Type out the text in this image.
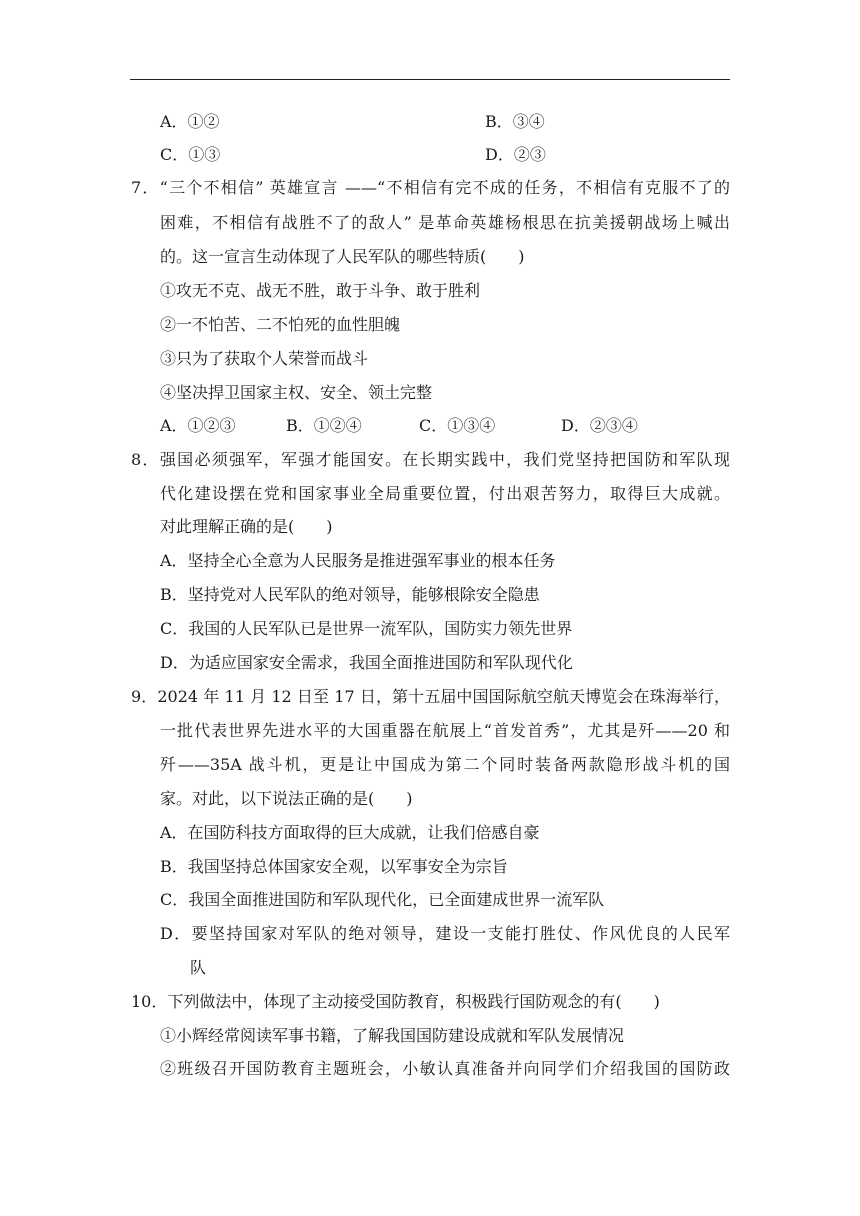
A．①②	B．③④
C．①③	D．②③
7．“三个不相信” 英雄宣言 ——“不相信有完不成的任务，不相信有克服不了的
困难，不相信有战胜不了的敌人” 是革命英雄杨根思在抗美援朝战场上喊出
的。这一宣言生动体现了人民军队的哪些特质(　　)
①攻无不克、战无不胜，敢于斗争、敢于胜利
②一不怕苦、二不怕死的血性胆魄
③只为了获取个人荣誉而战斗
④坚决捍卫国家主权、安全、领土完整
A．①②③	B．①②④	C．①③④	D．②③④
8．强国必须强军，军强才能国安。在长期实践中，我们党坚持把国防和军队现
代化建设摆在党和国家事业全局重要位置，付出艰苦努力，取得巨大成就。
对此理解正确的是(　　)
A．坚持全心全意为人民服务是推进强军事业的根本任务
B．坚持党对人民军队的绝对领导，能够根除安全隐患
C．我国的人民军队已是世界一流军队，国防实力领先世界
D．为适应国家安全需求，我国全面推进国防和军队现代化
9．2024 年 11 月 12 日至 17 日，第十五届中国国际航空航天博览会在珠海举行，
一批代表世界先进水平的大国重器在航展上“首发首秀”，尤其是歼——20 和
歼——35A 战斗机，更是让中国成为第二个同时装备两款隐形战斗机的国
家。对此，以下说法正确的是(　　)
A．在国防科技方面取得的巨大成就，让我们倍感自豪
B．我国坚持总体国家安全观，以军事安全为宗旨
C．我国全面推进国防和军队现代化，已全面建成世界一流军队
D．要坚持国家对军队的绝对领导，建设一支能打胜仗、作风优良的人民军
队
10．下列做法中，体现了主动接受国防教育，积极践行国防观念的有(　　)
①小辉经常阅读军事书籍，了解我国国防建设成就和军队发展情况
②班级召开国防教育主题班会，小敏认真准备并向同学们介绍我国的国防政
